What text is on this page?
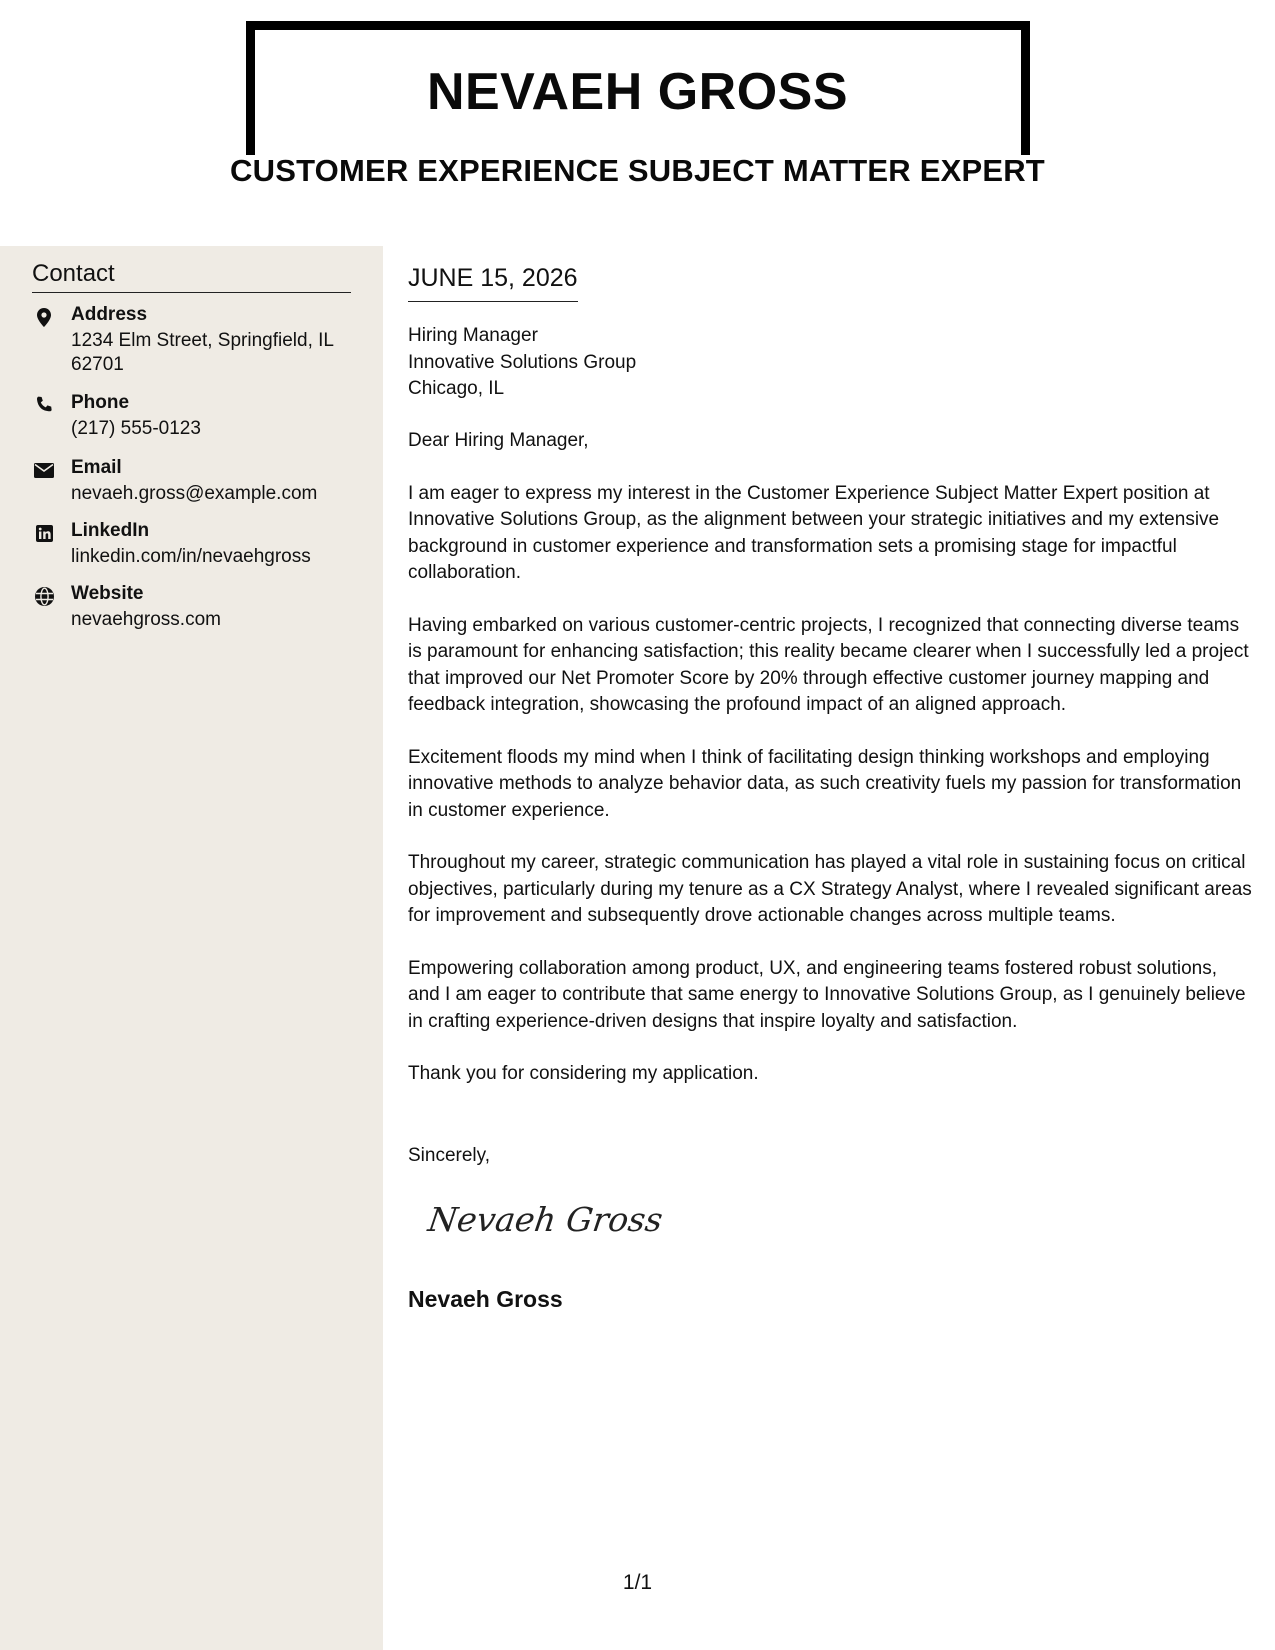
NEVAEH GROSS
CUSTOMER EXPERIENCE SUBJECT MATTER EXPERT
Contact
Address
1234 Elm Street, Springfield, IL 62701
Phone
(217) 555-0123
Email
nevaeh.gross@example.com
LinkedIn
linkedin.com/in/nevaehgross
Website
nevaehgross.com
JUNE 15, 2026
Hiring Manager
Innovative Solutions Group
Chicago, IL

Dear Hiring Manager,

I am eager to express my interest in the Customer Experience Subject Matter Expert position at Innovative Solutions Group, as the alignment between your strategic initiatives and my extensive background in customer experience and transformation sets a promising stage for impactful collaboration.

Having embarked on various customer-centric projects, I recognized that connecting diverse teams is paramount for enhancing satisfaction; this reality became clearer when I successfully led a project that improved our Net Promoter Score by 20% through effective customer journey mapping and feedback integration, showcasing the profound impact of an aligned approach.

Excitement floods my mind when I think of facilitating design thinking workshops and employing innovative methods to analyze behavior data, as such creativity fuels my passion for transformation in customer experience.

Throughout my career, strategic communication has played a vital role in sustaining focus on critical objectives, particularly during my tenure as a CX Strategy Analyst, where I revealed significant areas for improvement and subsequently drove actionable changes across multiple teams.

Empowering collaboration among product, UX, and engineering teams fostered robust solutions, and I am eager to contribute that same energy to Innovative Solutions Group, as I genuinely believe in crafting experience-driven designs that inspire loyalty and satisfaction.

Thank you for considering my application.

Sincerely,
Nevaeh Gross
Nevaeh Gross
1/1
